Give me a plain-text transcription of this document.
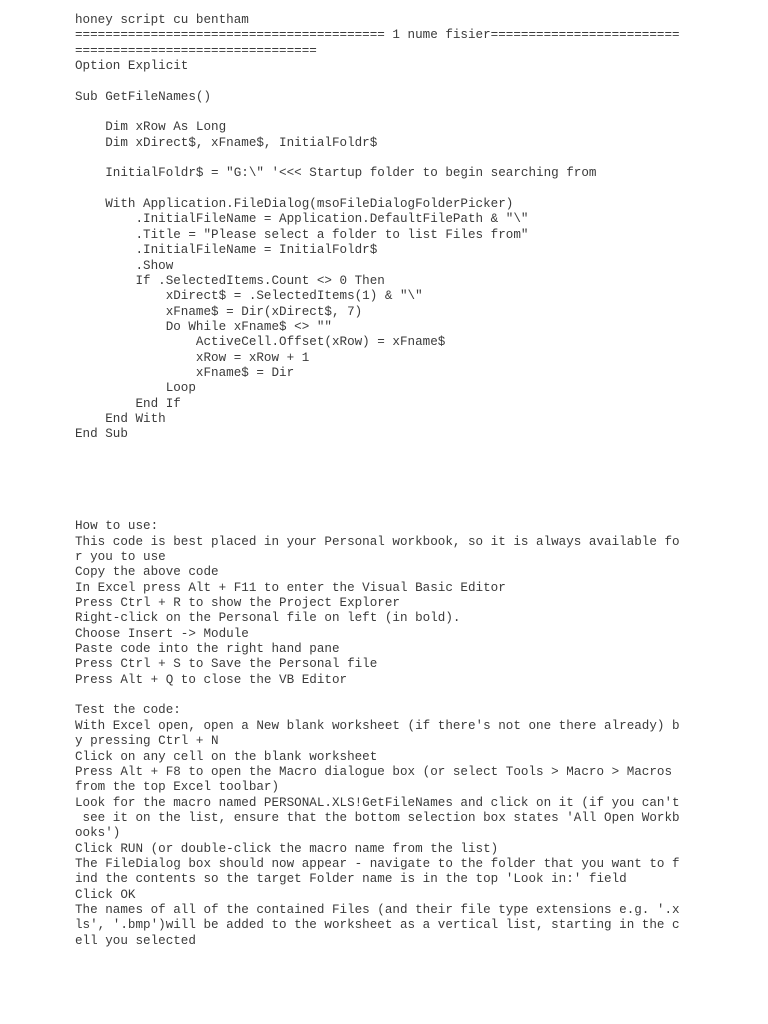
honey script cu bentham
========================================= 1 nume fisier=========================
================================
Option Explicit
Sub GetFileNames()
Dim xRow As Long
Dim xDirect$, xFname$, InitialFoldr$
InitialFoldr$ = "G:\" '<<< Startup folder to begin searching from
With Application.FileDialog(msoFileDialogFolderPicker)
.InitialFileName = Application.DefaultFilePath & "\"
.Title = "Please select a folder to list Files from"
.InitialFileName = InitialFoldr$
.Show
If .SelectedItems.Count <> 0 Then
xDirect$ = .SelectedItems(1) & "\"
xFname$ = Dir(xDirect$, 7)
Do While xFname$ <> ""
ActiveCell.Offset(xRow) = xFname$
xRow = xRow + 1
xFname$ = Dir
Loop
End If
End With
End Sub
How to use:
This code is best placed in your Personal workbook, so it is always available fo
r you to use
Copy the above code
In Excel press Alt + F11 to enter the Visual Basic Editor
Press Ctrl + R to show the Project Explorer
Right-click on the Personal file on left (in bold).
Choose Insert -> Module
Paste code into the right hand pane
Press Ctrl + S to Save the Personal file
Press Alt + Q to close the VB Editor
Test the code:
With Excel open, open a New blank worksheet (if there's not one there already) b
y pressing Ctrl + N
Click on any cell on the blank worksheet
Press Alt + F8 to open the Macro dialogue box (or select Tools > Macro > Macros
from the top Excel toolbar)
Look for the macro named PERSONAL.XLS!GetFileNames and click on it (if you can't
see it on the list, ensure that the bottom selection box states 'All Open Workb
ooks')
Click RUN (or double-click the macro name from the list)
The FileDialog box should now appear - navigate to the folder that you want to f
ind the contents so the target Folder name is in the top 'Look in:' field
Click OK
The names of all of the contained Files (and their file type extensions e.g. '.x
ls', '.bmp')will be added to the worksheet as a vertical list, starting in the c
ell you selected
